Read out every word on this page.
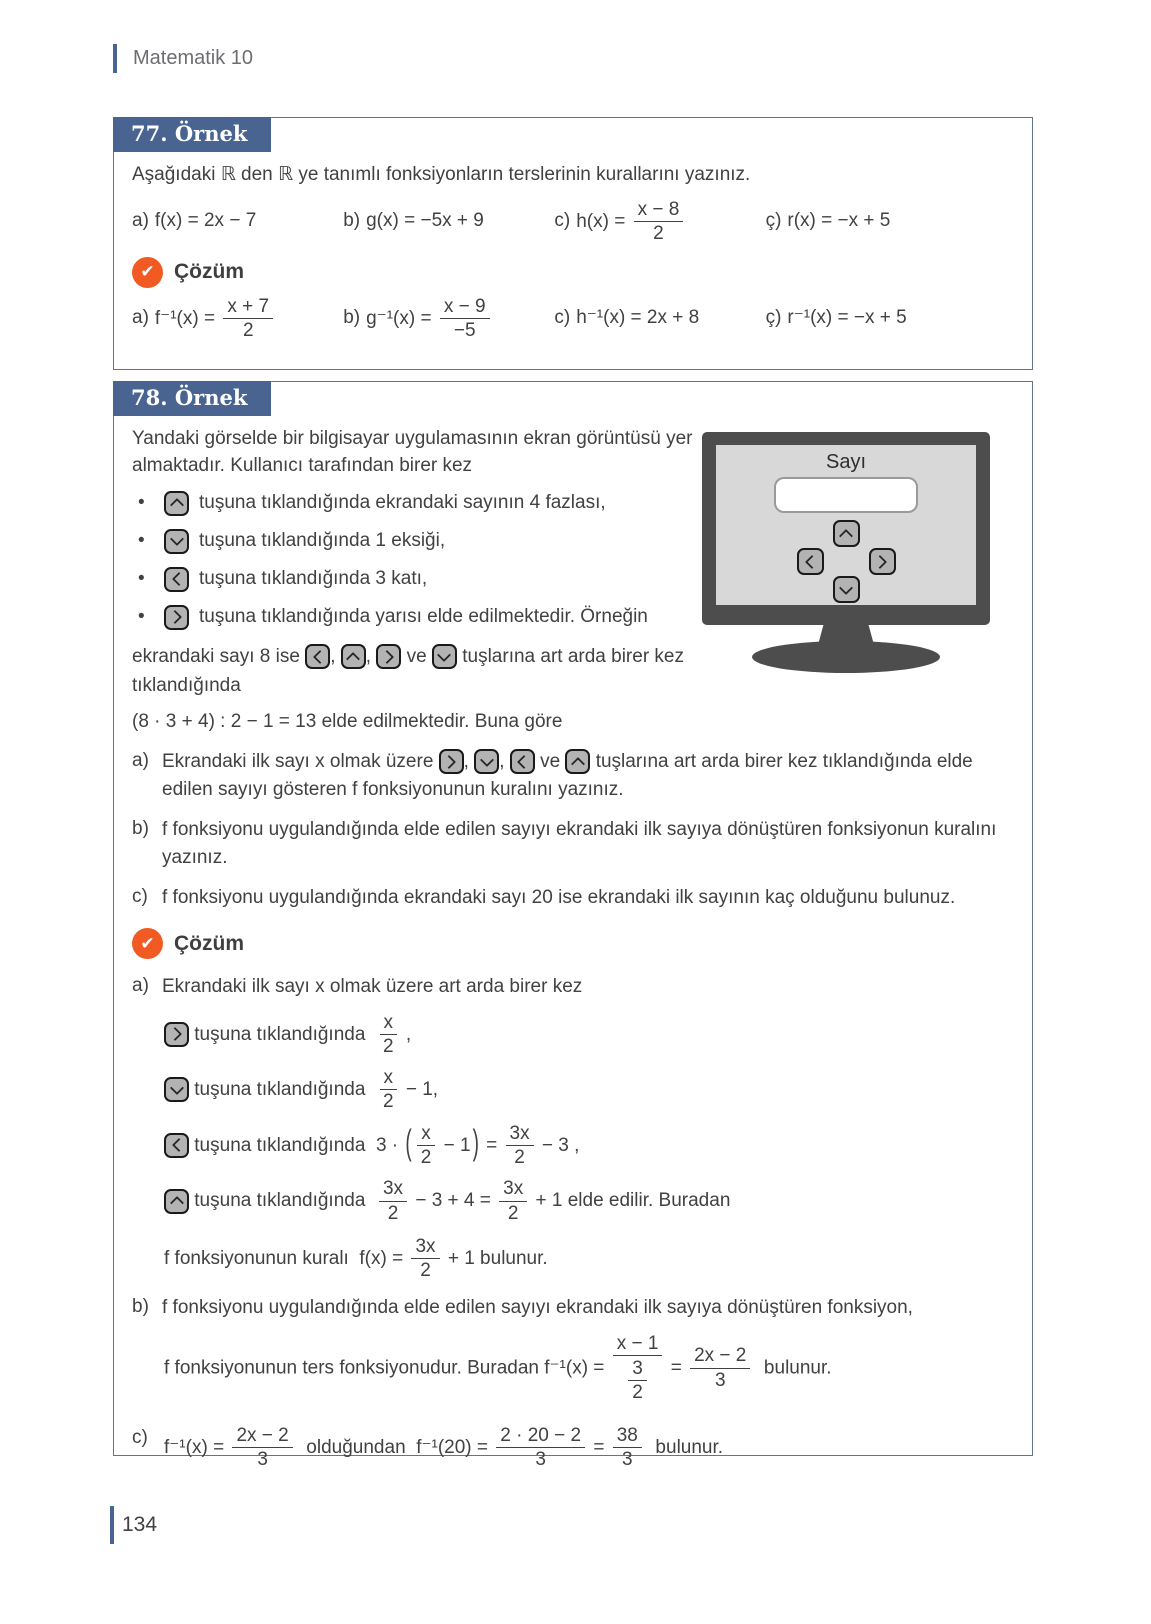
Matematik 10
77. Örnek
Aşağıdaki ℝ den ℝ ye tanımlı fonksiyonların terslerinin kurallarını yazınız.
a) f(x) = 2x − 7	b) g(x) = −5x + 9	c) $h(x) = \frac{x - 8}{2}$	ç) r(x) = −x + 5
✔ Çözüm
a) $f^{-1}(x) = \frac{x + 7}{2}$	b) $g^{-1}(x) = \frac{x - 9}{-5}$	c) h⁻¹(x) = 2x + 8	ç) r⁻¹(x) = −x + 5
78. Örnek
Sayı
Yandaki görselde bir bilgisayar uygulamasının ekran görüntüsü yer almaktadır. Kullanıcı tarafından birer kez
•	tuşuna tıklandığında ekrandaki sayının 4 fazlası,
•	tuşuna tıklandığında 1 eksiği,
•	tuşuna tıklandığında 3 katı,
•	tuşuna tıklandığında yarısı elde edilmektedir. Örneğin
ekrandaki sayı 8 ise , ,  ve  tuşlarına art arda birer kez tıklandığında
(8 · 3 + 4) : 2 − 1 = 13 elde edilmektedir. Buna göre
a) Ekrandaki ilk sayı x olmak üzere , ,  ve  tuşlarına art arda birer kez tıklandığında elde edilen sayıyı gösteren f fonksiyonunun kuralını yazınız.
b) f fonksiyonu uygulandığında elde edilen sayıyı ekrandaki ilk sayıya dönüştüren fonksiyonun kuralını yazınız.
c) f fonksiyonu uygulandığında ekrandaki sayı 20 ise ekrandaki ilk sayının kaç olduğunu bulunuz.
✔ Çözüm
a) Ekrandaki ilk sayı x olmak üzere art arda birer kez
tuşuna tıklandığında $\frac{x}{2}$ ,
tuşuna tıklandığında $\frac{x}{2} - 1$,
tuşuna tıklandığında  3 · ( $\frac{x}{2} - 1$ ) = $\frac{3x}{2} - 3$ ,
tuşuna tıklandığında $\frac{3x}{2} - 3 + 4 = \frac{3x}{2} + 1$ elde edilir. Buradan
f fonksiyonunun kuralı  $f(x) = \frac{3x}{2} + 1$ bulunur.
b) f fonksiyonu uygulandığında elde edilen sayıyı ekrandaki ilk sayıya dönüştüren fonksiyon,
f fonksiyonunun ters fonksiyonudur. Buradan $f^{-1}(x) = \frac{x - 1}{\frac{3}{2}} = \frac{2x - 2}{3}$ bulunur.
c) $f^{-1}(x) = \frac{2x - 2}{3}$ olduğundan  $f^{-1}(20) = \frac{2 \cdot 20 - 2}{3} = \frac{38}{3}$ bulunur.
134
